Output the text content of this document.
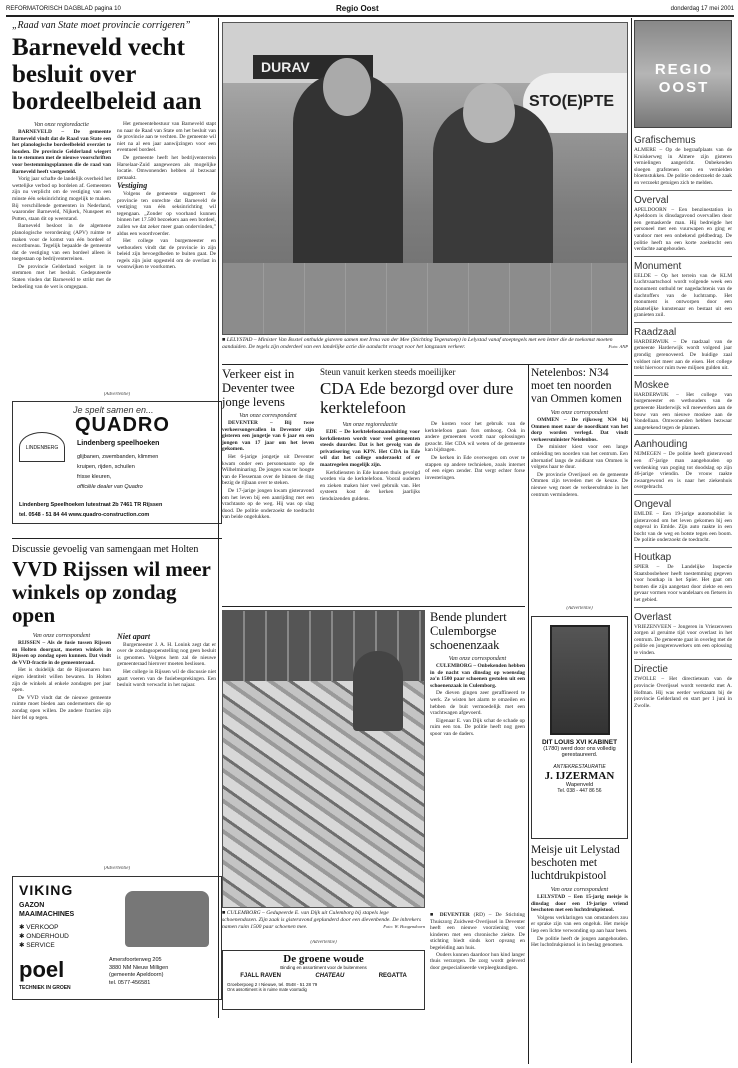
REFORMATORISCH DAGBLAD pagina 10	Regio Oost	donderdag 17 mei 2001
„Raad van State moet provincie corrigeren”
Barneveld vecht besluit over bordeelbeleid aan
Van onze regioredactie

BARNEVELD – De gemeente Barneveld vindt dat de Raad van State een het planologische bordeelbeleid overziet te houden. De provincie Gelderland wiegert in te stemmen met de nieuwe voorschriften voor bestemmingsplannen die de raad van Barneveld heeft vastgesteld.

Vorig jaar schafte de landelijk overheid het wettelijke verbod op bordelen af. Gemeenten zijn nu verplicht om de vestiging van een minste één seksinrichting mogelijk te maken. Bij verschillende gemeenten in Nederland, waaronder Barneveld, Nijkerk, Nunspeet en Putten, staan dit op weerstand.

Barneveld besloot in de algemene planologische verordening (APV) ruimte te maken voor de komst van één bordeel of escortbureau. Tegelijk bepaalde de gemeente dat de vestiging van een bordeel alleen is toegestaan op bedrijventerreinen.

De provincie Gelderland weigert in te stemmen met het besluit. Gedeputeerde Staten vinden dat Barneveld te strikt met de bedoeling van de wet is omgegaan.

Het gemeentebestuur van Barneveld stapt nu naar de Raad van State om het besluit van de provincie aan te vechten. De gemeente wil niet na al een jaar aanwijzingen voor een eventueel bordeel.

De gemeente heeft het bedrijventerrein Harselaar-Zuid aangewezen als mogelijke locatie. Omwonenden hebben al bezwaar gemaakt.

Vestiging

Volgens de gemeente suggereert de provincie ten onrechte dat Barneveld de vestiging van één seksinrichting wil tegengaan. „Zonder op voorhand kunnen binnen het 17.500 bezoekers aan een bordeel, zullen we dat zeker meer gaan ondervinden,” aldus een woordvoerder.

Het college van burgemeester en wethouders vindt dat de provincie in zijn beleid zijn bevoegdheden te buiten gaat. De regels zijn juist opgesteld om de overlast in woonwijken te voorkomen.

DURAV
STO(E)PTE
■ LELYSTAD – Minister Van Boxtel onthulde gisteren samen met Irma van der Mee (Stichting Tegenstoep) in Lelystad vanaf stoeptegels met een letter die de toekomst moeten aanduiden. De tegels zijn onderdeel van een landelijke actie die aandacht vraagt voor het langzaam verkeer.	Foto: ANP
(Advertentie)
Je spelt samen en...
QUADRO
LINDENBERG
Lindenberg speelhoeken
glijbanen, zwembanden, klimmen
kruipen, rijden, schuilen
frisse kleuren,
officiële dealer van Quadro
Lindenberg Speelhoeken Iutestraat 2b 7461 TR Rijssen
tel. 0548 - 51 84 44 www.quadro-construction.com
Verkeer eist in Deventer twee jonge levens
Van onze correspondent

DEVENTER – Bij twee verkeersongevallen in Deventer zijn gisteren een jongetje van 6 jaar en een jongen van 17 jaar om het leven gekomen.

Het 6-jarige jongetje uit Deventer kwam onder een personenauto op de Wilhelminaring. De jongen was ter hoogte van de Flesseman over de binnen de ring bezig de rijbaan over te steken.

De 17-jarige jongen kwam gisteravond om het leven bij een aanrijding met een vrachtauto op de weg. Hij was op slag dood. De politie onderzoekt de toedracht van beide ongelukken.

Steun vanuit kerken steeds moeilijker
CDA Ede bezorgd over dure kerktelefoon
Van onze regioredactie

EDE – De kerktelefoonaansluiting voor kerkdiensten wordt voor veel gemeenten steeds duurder. Dat is het gevolg van de privatisering van KPN. Het CDA in Ede wil dat het college onderzoekt of er maatregelen mogelijk zijn.

Kerkdiensten in Ede kunnen thuis gevolgd worden via de kerktelefoon. Vooral ouderen en zieken maken hier veel gebruik van. Het systeem kost de kerken jaarlijks tienduizenden guldens.

De kosten voor het gebruik van de kerktelefoon gaan fors omhoog. Ook in andere gemeenten wordt naar oplossingen gezocht. Het CDA wil weten of de gemeente kan bijdragen.

De kerken in Ede overwegen om over te stappen op andere technieken, zoals internet of een eigen zender. Dat vergt echter forse investeringen.

Netelenbos: N34 moet ten noorden van Ommen komen
Van onze correspondent

OMMEN – De rijksweg N34 bij Ommen moet naar de noordkant van het dorp worden verlegd. Dat vindt verkeersminister Netelenbos.

De minister kiest voor een lange omleiding ten noorden van het centrum. Een alternatief langs de zuidkant van Ommen is volgens haar te duur.

De provincie Overijssel en de gemeente Ommen zijn tevreden met de keuze. De nieuwe weg moet de verkeersdrukte in het centrum verminderen.

Discussie gevoelig van samengaan met Holten
VVD Rijssen wil meer winkels op zondag open
Van onze correspondent

RIJSSEN – Als de fusie tussen Rijssen en Holten doorgaat, moeten winkels in Rijssen op zondag open kunnen. Dat vindt de VVD-fractie in de gemeenteraad.

Het is duidelijk dat de Rijssenaren hun eigen identiteit willen bewaren. In Holten zijn de winkels al enkele zondagen per jaar open.

De VVD vindt dat de nieuwe gemeente ruimte moet bieden aan ondernemers die op zondag open willen. De andere fracties zijn hier fel op tegen.

Niet apart

Burgemeester J. A. H. Lonink zegt dat er over de zondagsopenstelling nog geen besluit is genomen. Volgens hem zal de nieuwe gemeenteraad hierover moeten beslissen.

Het college in Rijssen wil de discussie niet apart voeren van de fusiebesprekingen. Een besluit wordt verwacht in het najaar.

■ CULEMBORG – Gedupeerde E. van Dijk uit Culemborg bij stapels lege schoenendozen. Zijn zaak is gisteravond geplunderd door een dievenbende. De inbrekers namen ruim 1500 paar schoenen mee.	Foto: W. Hoogendoorn
Bende plundert Culemborgse schoenenzaak
Van onze correspondent

CULEMBORG – Onbekenden hebben in de nacht van dinsdag op woensdag zo'n 1500 paar schoenen gestolen uit een schoenenzaak in Culemborg.

De dieven gingen zeer geraffineerd te werk. Ze wisten het alarm te omzeilen en hebben de buit vermoedelijk met een vrachtwagen afgevoerd.

Eigenaar E. van Dijk schat de schade op ruim een ton. De politie heeft nog geen spoor van de daders.

(Advertentie)
DIT LOUIS XVI KABINET
(1780) werd door ons volledig gerestaureerd.
ANTIEKRESTAURATIE
J. IJZERMAN
Wapenveld
Tel. 038 - 447 86 56
Meisje uit Lelystad beschoten met luchtdrukpistool
Van onze correspondent

LELYSTAD – Een 15-jarig meisje is dinsdag door een 19-jarige vriend beschoten met een luchtdrukpistool.

Volgens verklaringen van omstanders zou er sprake zijn van een ongeluk. Het meisje liep een lichte verwonding op aan haar been.

De politie heeft de jongen aangehouden. Het luchtdrukpistool is in beslag genomen.

(Advertentie)
VIKING
GAZON MAAIMACHINES
✱ VERKOOP
✱ ONDERHOUD
✱ SERVICE
poel
TECHNIEK IN GROEN
Amersfoorterweg 205
3880 NM Nieuw Milligen
(gemeente Apeldoorn)
tel. 0577-456581
(Advertentie)
De groene woude
Binding en assortiment voor de buitenmens
FJALL RAVEN	CHATEAU	REGATTA
Groeberpoeg 2 I Nieuwe, tel. 0548 - 51 28 79
Ons assortiment is in ruime mate voorradig
■ DEVENTER (RD) – De Stichting Thuiszorg Zuidwest-Overijssel in Deventer heeft een nieuwe voorziening voor kinderen met een chronische ziekte. De stichting biedt sinds kort opvang en begeleiding aan huis.

Ouders kunnen daardoor hun kind langer thuis verzorgen. De zorg wordt geleverd door gespecialiseerde verpleegkundigen.

REGIO OOST
Grafischemus
ALMERE – Op de begraafplaats van de Kruiskerweg in Almere zijn gisteren vernielingen aangericht. Onbekenden sloegen grafstenen om en vernielden bloemstukken. De politie onderzoekt de zaak en verzoekt getuigen zich te melden.
Overval
APELDOORN – Een benzinestation in Apeldoorn is dinsdagavond overvallen door een gemaskerde man. Hij bedreigde het personeel met een vuurwapen en ging er vandoor met een onbekend geldbedrag. De politie heeft na een korte zoektocht een verdachte aangehouden.
Monument
EELDE – Op het terrein van de KLM Luchtvaartschool wordt volgende week een monument onthuld ter nagedachtenis van de slachtoffers van de luchtramp. Het monument is ontworpen door een plaatselijke kunstenaar en bestaat uit een granieten zuil.
Raadzaal
HARDERWIJK – De raadzaal van de gemeente Harderwijk wordt volgend jaar grondig gerenoveerd. De huidige zaal voldoet niet meer aan de eisen. Het college trekt hiervoor ruim twee miljoen gulden uit.
Moskee
HARDERWIJK – Het college van burgemeester en wethouders van de gemeente Harderwijk wil meewerken aan de bouw van een nieuwe moskee aan de Vondellaan. Omwonenden hebben bezwaar aangetekend tegen de plannen.
Aanhouding
NIJMEGEN – De politie heeft gisteravond een 47-jarige man aangehouden op verdenking van poging tot doodslag op zijn 46-jarige vriendin. De vrouw raakte zwaargewond en is naar het ziekenhuis overgebracht.
Ongeval
EMLDE – Een 19-jarige automobilist is gisteravond om het leven gekomen bij een ongeval in Emlde. Zijn auto raakte in een bocht van de weg en botste tegen een boom. De politie onderzoekt de toedracht.
Houtkap
SPIER – De Landelijke Inspectie Staatsbosbeheer heeft toestemming gegeven voor houtkap in het Spier. Het gaat om bomen die zijn aangetast door ziekte en een gevaar vormen voor wandelaars en fietsers in het gebied.
Overlast
VRIEZENVEEN – Jongeren in Vriezenveen zorgen al geruime tijd voor overlast in het centrum. De gemeente gaat in overleg met de politie en jongerenwerkers om een oplossing te vinden.
Directie
ZWOLLE – Het directieteam van de provincie Overijssel wordt versterkt met A. Hofman. Hij was eerder werkzaam bij de provincie Gelderland en start per 1 juni in Zwolle.
